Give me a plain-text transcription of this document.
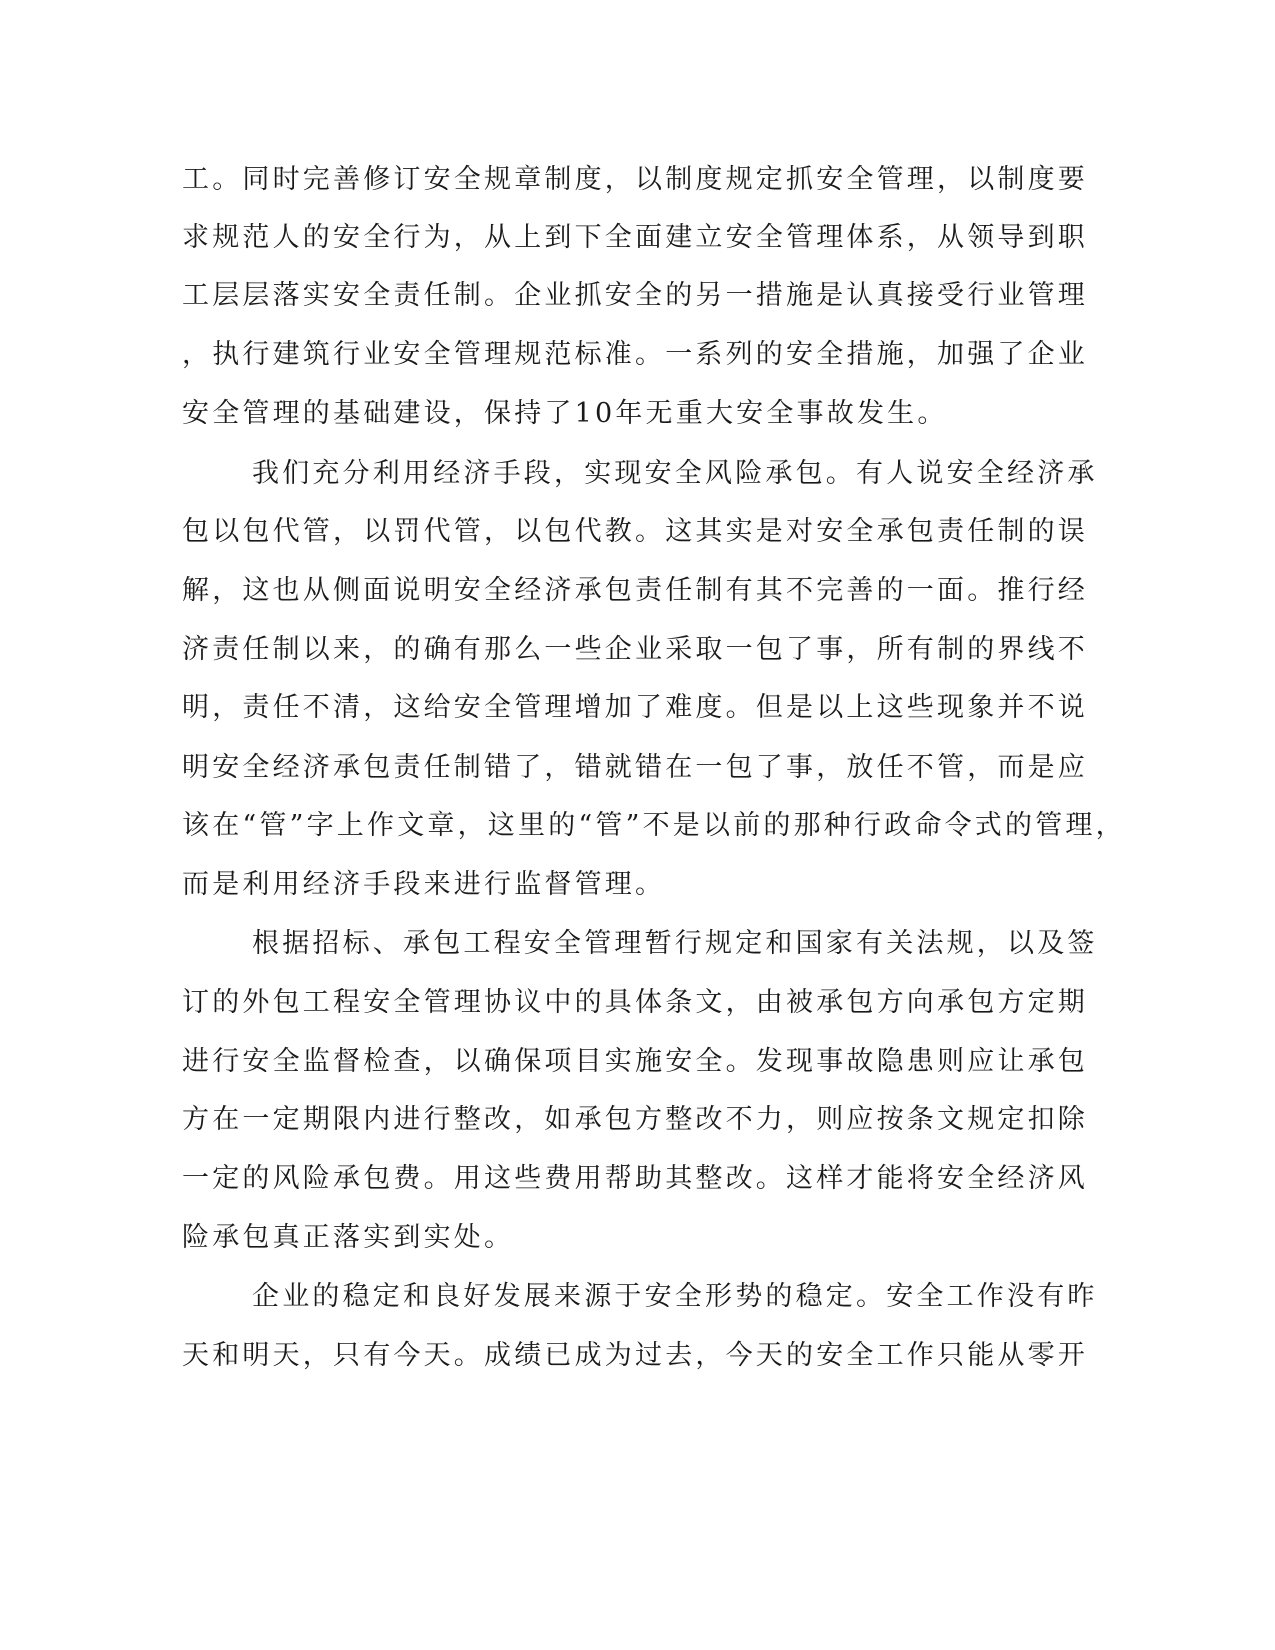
工。同时完善修订安全规章制度，以制度规定抓安全管理，以制度要

求规范人的安全行为，从上到下全面建立安全管理体系，从领导到职

工层层落实安全责任制。企业抓安全的另一措施是认真接受行业管理

，执行建筑行业安全管理规范标准。一系列的安全措施，加强了企业

安全管理的基础建设，保持了10年无重大安全事故发生。

我们充分利用经济手段，实现安全风险承包。有人说安全经济承

包以包代管，以罚代管，以包代教。这其实是对安全承包责任制的误

解，这也从侧面说明安全经济承包责任制有其不完善的一面。推行经

济责任制以来，的确有那么一些企业采取一包了事，所有制的界线不

明，责任不清，这给安全管理增加了难度。但是以上这些现象并不说

明安全经济承包责任制错了，错就错在一包了事，放任不管，而是应

该在“管”字上作文章，这里的“管”不是以前的那种行政命令式的管理，

而是利用经济手段来进行监督管理。

根据招标、承包工程安全管理暂行规定和国家有关法规，以及签

订的外包工程安全管理协议中的具体条文，由被承包方向承包方定期

进行安全监督检查，以确保项目实施安全。发现事故隐患则应让承包

方在一定期限内进行整改，如承包方整改不力，则应按条文规定扣除

一定的风险承包费。用这些费用帮助其整改。这样才能将安全经济风

险承包真正落实到实处。

企业的稳定和良好发展来源于安全形势的稳定。安全工作没有昨

天和明天，只有今天。成绩已成为过去，今天的安全工作只能从零开
